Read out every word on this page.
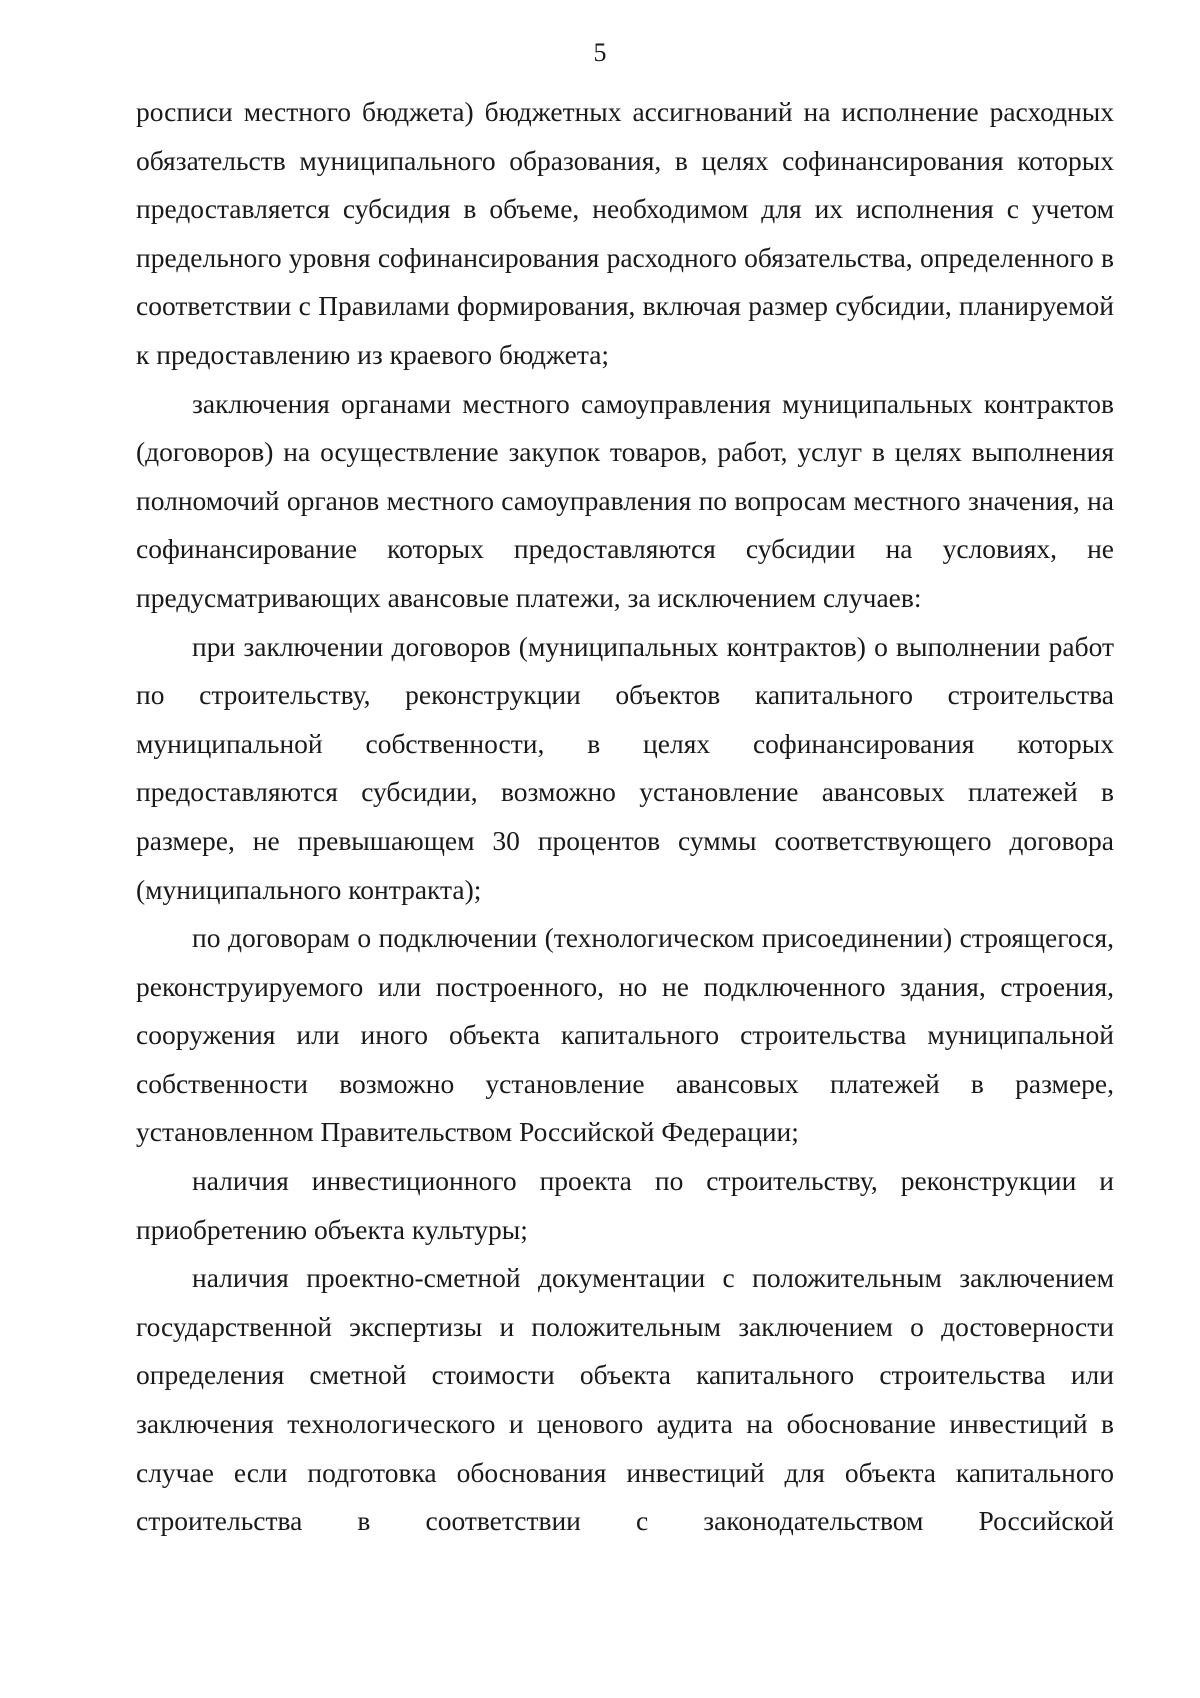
5

росписи местного бюджета) бюджетных ассигнований на исполнение расходных обязательств муниципального образования, в целях софинансирования которых предоставляется субсидия в объеме, необходимом для их исполнения с учетом предельного уровня софинансирования расходного обязательства, определенного в соответствии с Правилами формирования, включая размер субсидии, планируемой к предоставлению из краевого бюджета;

заключения органами местного самоуправления муниципальных контрактов (договоров) на осуществление закупок товаров, работ, услуг в целях выполнения полномочий органов местного самоуправления по вопросам местного значения, на софинансирование которых предоставляются субсидии на условиях, не предусматривающих авансовые платежи, за исключением случаев:

при заключении договоров (муниципальных контрактов) о выполнении работ по строительству, реконструкции объектов капитального строительства муниципальной собственности, в целях софинансирования которых предоставляются субсидии, возможно установление авансовых платежей в размере, не превышающем 30 процентов суммы соответствующего договора (муниципального контракта);

по договорам о подключении (технологическом присоединении) строящегося, реконструируемого или построенного, но не подключенного здания, строения, сооружения или иного объекта капитального строительства муниципальной собственности возможно установление авансовых платежей в размере, установленном Правительством Российской Федерации;

наличия инвестиционного проекта по строительству, реконструкции и приобретению объекта культуры;

наличия проектно-сметной документации с положительным заключением государственной экспертизы и положительным заключением о достоверности определения сметной стоимости объекта капитального строительства или заключения технологического и ценового аудита на обоснование инвестиций в случае если подготовка обоснования инвестиций для объекта капитального строительства в соответствии с законодательством Российской
